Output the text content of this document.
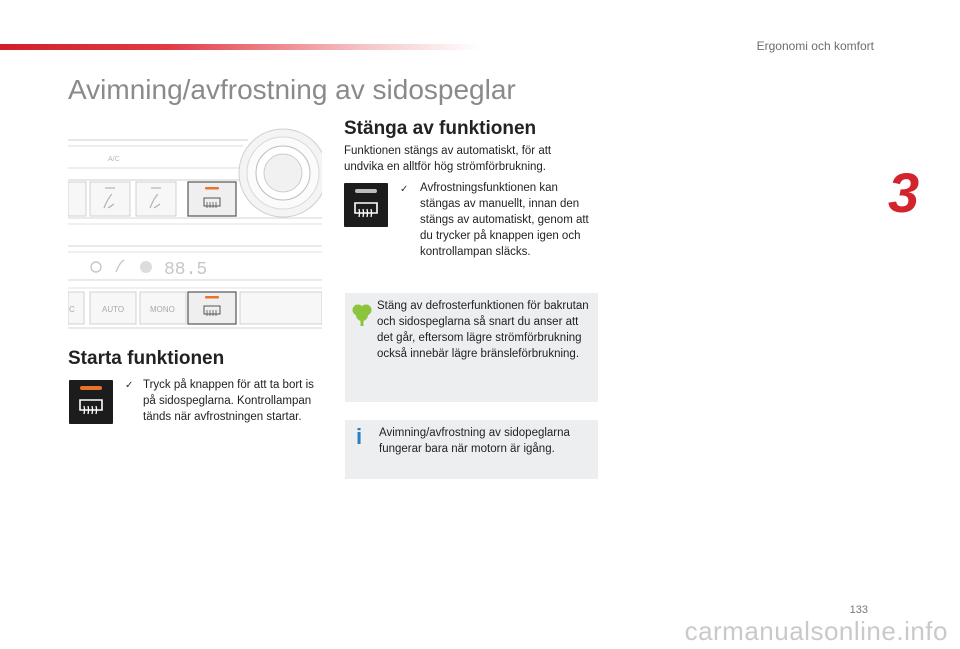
Ergonomi och komfort
3
Avimning/avfrostning av sidospeglar
A/C
88.5
C	AUTO	MONO
Starta funktionen
✓ Tryck på knappen för att ta bort is på sidospeglarna. Kontrollampan tänds när avfrostningen startar.
Stänga av funktionen
Funktionen stängs av automatiskt, för att undvika en alltför hög strömförbrukning.
✓ Avfrostningsfunktionen kan stängas av manuellt, innan den stängs av automatiskt, genom att du trycker på knappen igen och kontrollampan släcks.
Stäng av defrosterfunktionen för bakrutan och sidospeglarna så snart du anser att det går, eftersom lägre strömförbrukning också innebär lägre bränsleförbrukning.
i Avimning/avfrostning av sidopeglarna fungerar bara när motorn är igång.
133
carmanualsonline.info
